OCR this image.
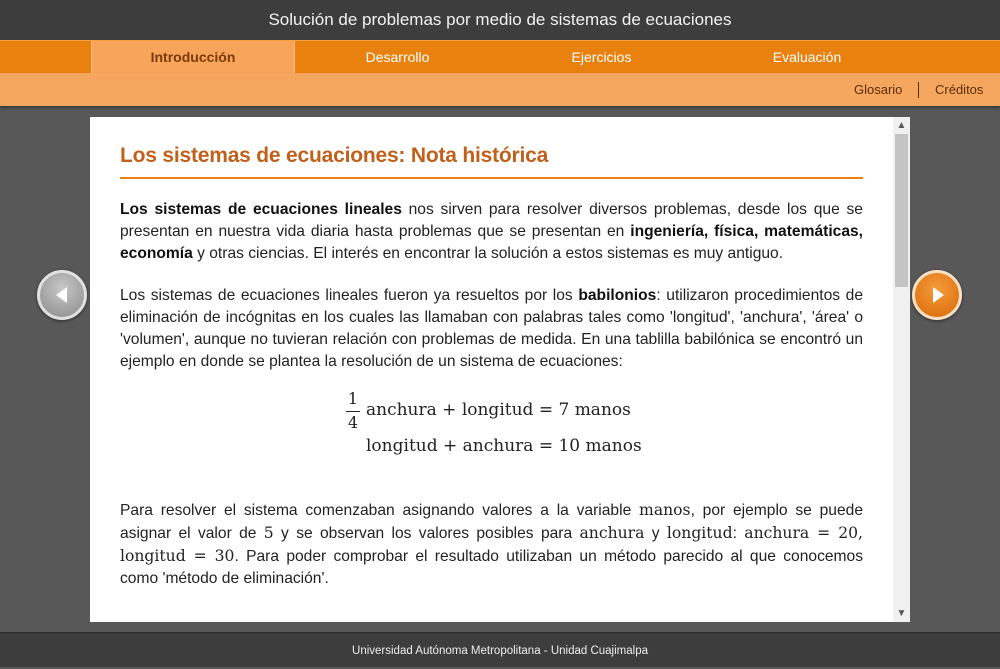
Solución de problemas por medio de sistemas de ecuaciones
Introducción	Desarrollo	Ejercicios	Evaluación
Glosario	Créditos
Los sistemas de ecuaciones: Nota histórica

Los sistemas de ecuaciones lineales nos sirven para resolver diversos problemas, desde los que se presentan en nuestra vida diaria hasta problemas que se presentan en ingeniería, física, matemáticas, economía y otras ciencias. El interés en encontrar la solución a estos sistemas es muy antiguo.

Los sistemas de ecuaciones lineales fueron ya resueltos por los babilonios: utilizaron procedimientos de eliminación de incógnitas en los cuales las llamaban con palabras tales como 'longitud', 'anchura', 'área' o 'volumen', aunque no tuvieran relación con problemas de medida. En una tablilla babilónica se encontró un ejemplo en donde se plantea la resolución de un sistema de ecuaciones:

1
4
anchura + longitud = 7 manos
longitud + anchura = 10 manos

Para resolver el sistema comenzaban asignando valores a la variable manos, por ejemplo se puede asignar el valor de 5 y se observan los valores posibles para anchura y longitud: anchura = 20, longitud = 30. Para poder comprobar el resultado utilizaban un método parecido al que conocemos como 'método de eliminación'.

▲
▼
Universidad Autónoma Metropolitana - Unidad Cuajimalpa
